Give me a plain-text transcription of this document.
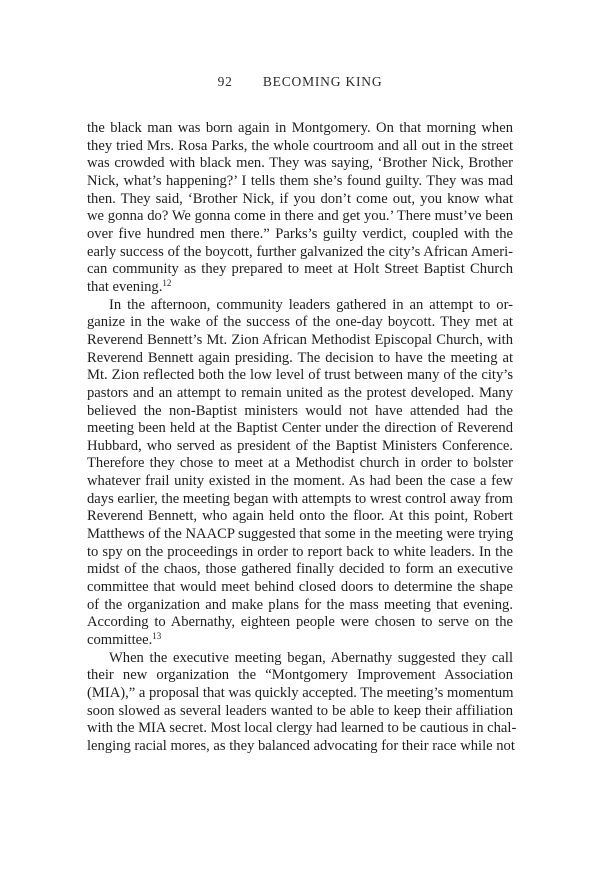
92 BECOMING KING
the black man was born again in Montgomery. On that morning when
they tried Mrs. Rosa Parks, the whole courtroom and all out in the street
was crowded with black men. They was saying, ‘Brother Nick, Brother
Nick, what’s happening?’ I tells them she’s found guilty. They was mad
then. They said, ‘Brother Nick, if you don’t come out, you know what
we gonna do? We gonna come in there and get you.’ There must’ve been
over five hundred men there.” Parks’s guilty verdict, coupled with the
early success of the boycott, further galvanized the city’s African Ameri-
can community as they prepared to meet at Holt Street Baptist Church
that evening.$^{12}$
In the afternoon, community leaders gathered in an attempt to or-
ganize in the wake of the success of the one-day boycott. They met at
Reverend Bennett’s Mt. Zion African Methodist Episcopal Church, with
Reverend Bennett again presiding. The decision to have the meeting at
Mt. Zion reflected both the low level of trust between many of the city’s
pastors and an attempt to remain united as the protest developed. Many
believed the non-Baptist ministers would not have attended had the
meeting been held at the Baptist Center under the direction of Reverend
Hubbard, who served as president of the Baptist Ministers Conference.
Therefore they chose to meet at a Methodist church in order to bolster
whatever frail unity existed in the moment. As had been the case a few
days earlier, the meeting began with attempts to wrest control away from
Reverend Bennett, who again held onto the floor. At this point, Robert
Matthews of the NAACP suggested that some in the meeting were trying
to spy on the proceedings in order to report back to white leaders. In the
midst of the chaos, those gathered finally decided to form an executive
committee that would meet behind closed doors to determine the shape
of the organization and make plans for the mass meeting that evening.
According to Abernathy, eighteen people were chosen to serve on the
committee.$^{13}$
When the executive meeting began, Abernathy suggested they call
their new organization the “Montgomery Improvement Association
(MIA),” a proposal that was quickly accepted. The meeting’s momentum
soon slowed as several leaders wanted to be able to keep their affiliation
with the MIA secret. Most local clergy had learned to be cautious in chal-
lenging racial mores, as they balanced advocating for their race while not
